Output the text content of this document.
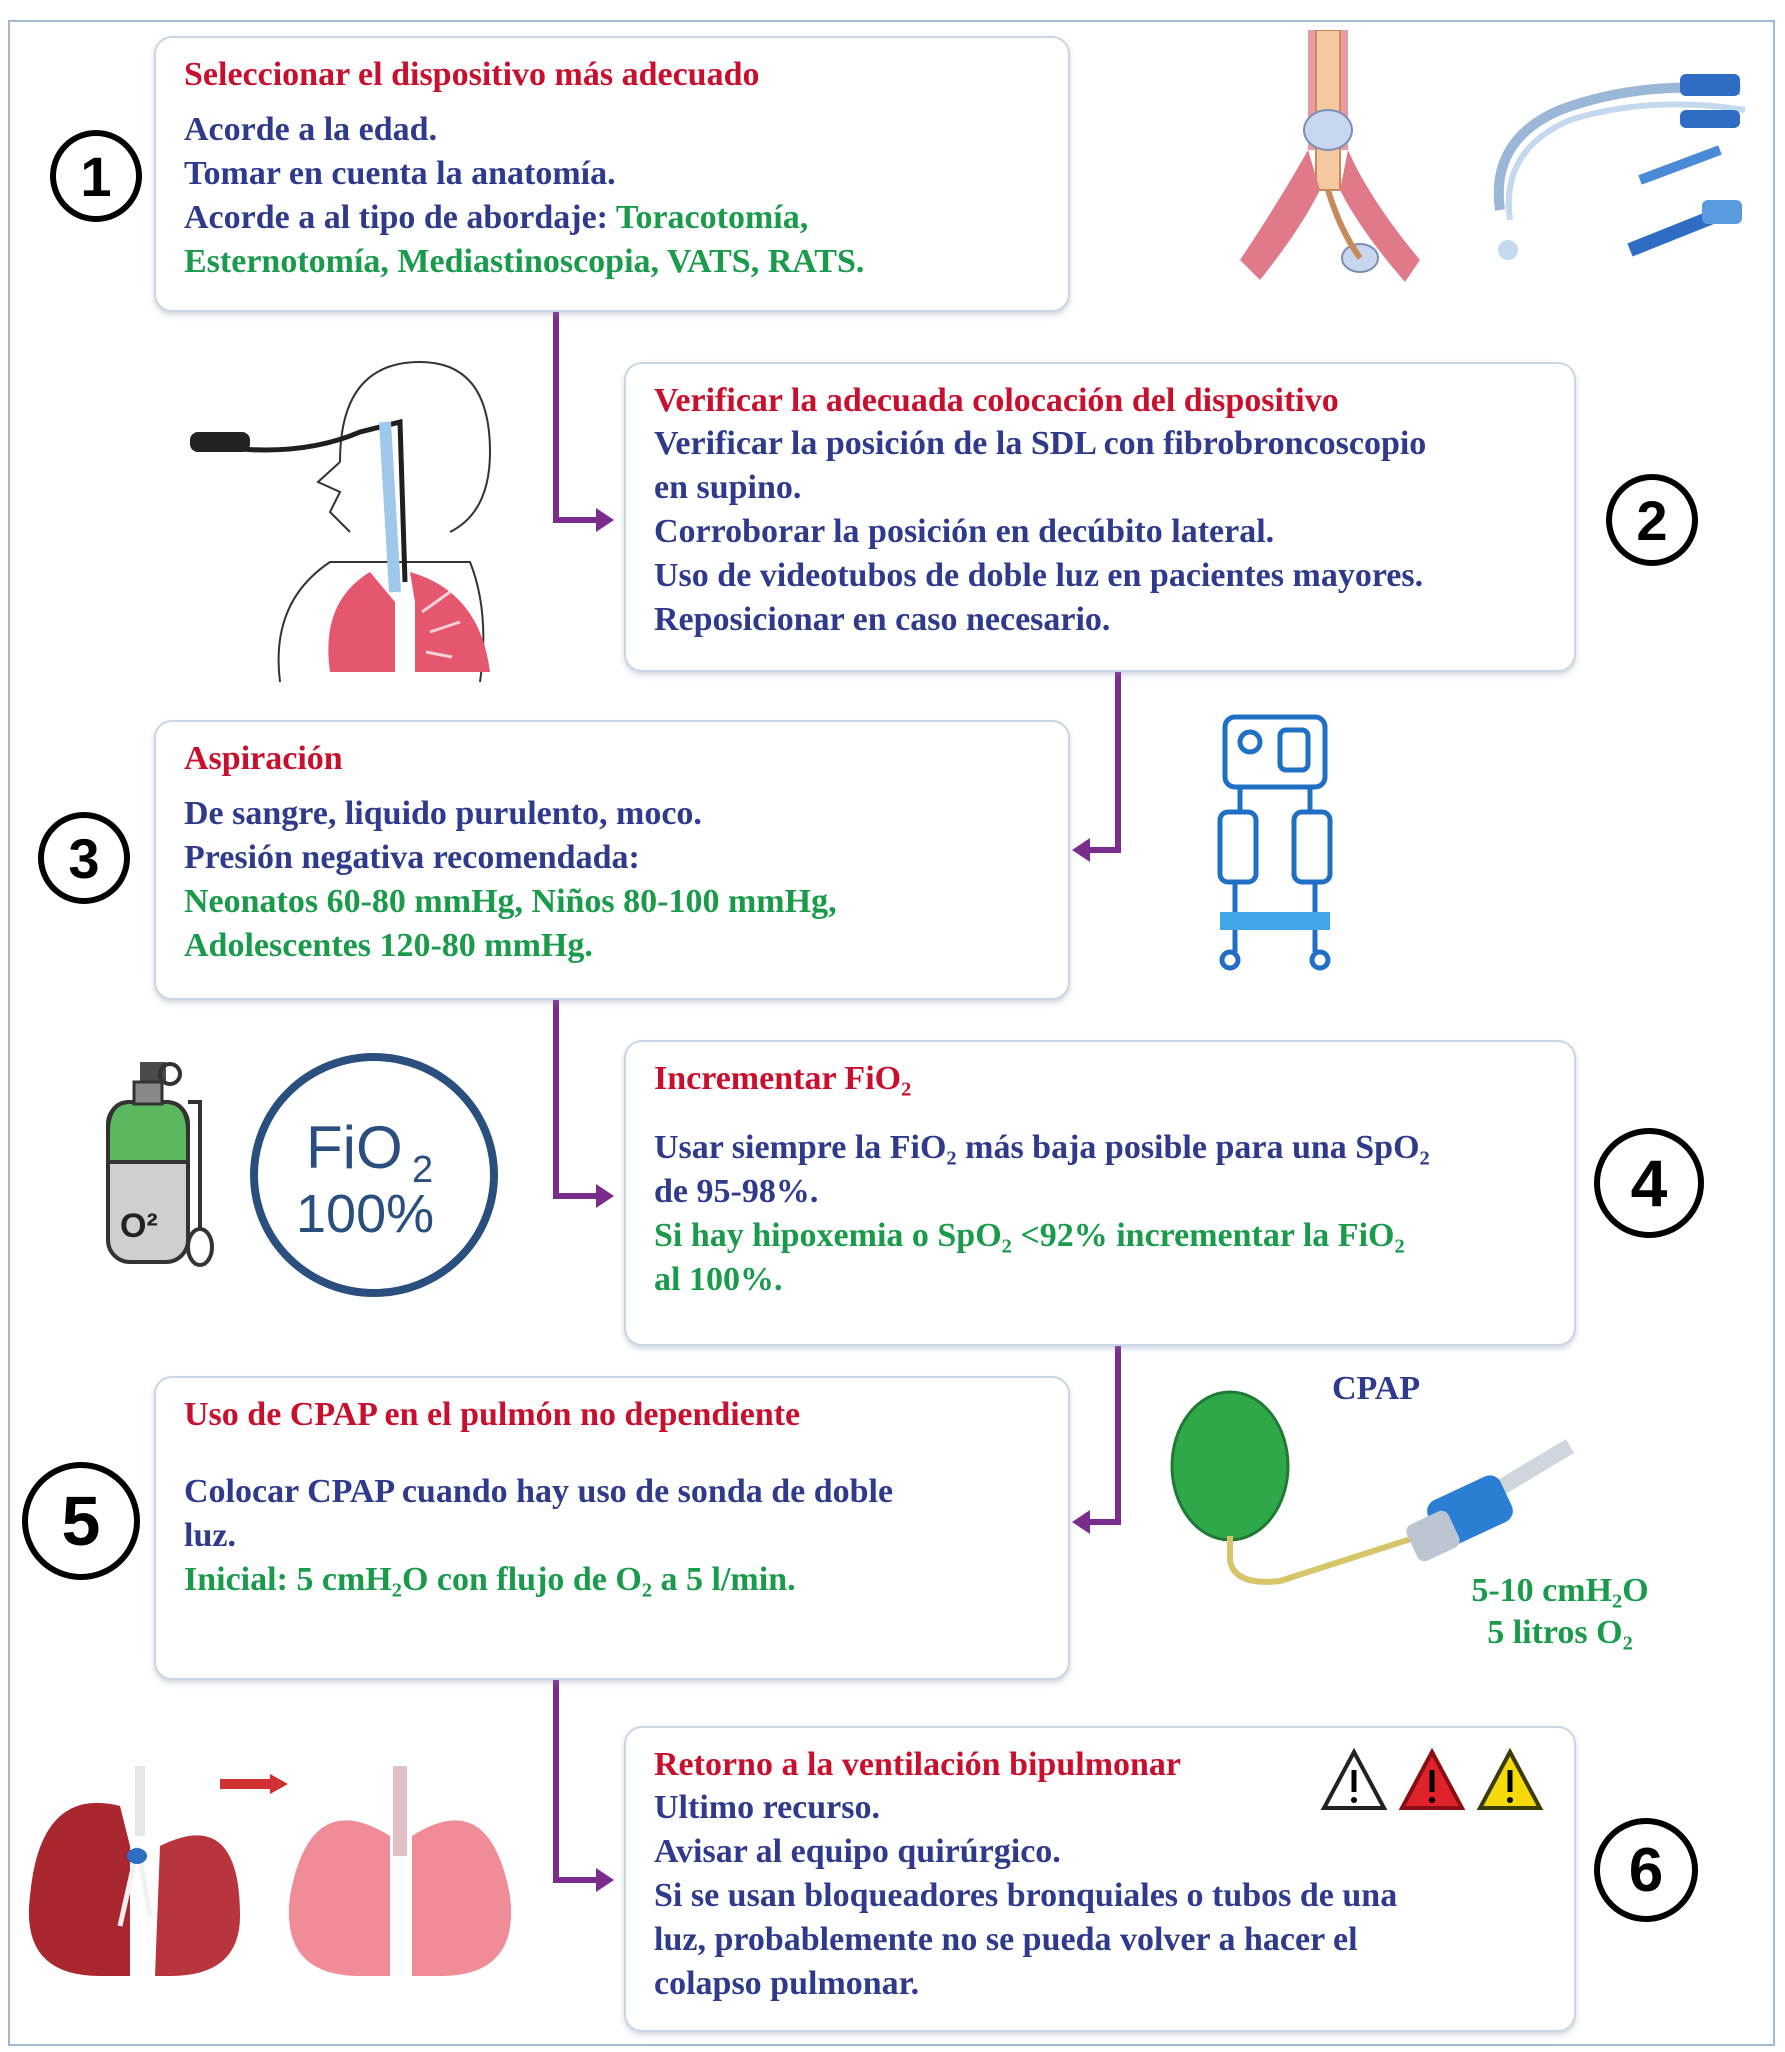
Seleccionar el dispositivo más adecuado
Acorde a la edad.
Tomar en cuenta la anatomía.
Acorde a al tipo de abordaje: Toracotomía,
Esternotomía, Mediastinoscopia, VATS, RATS.
1
Verificar la adecuada colocación del dispositivo
Verificar la posición de la SDL con fibrobroncoscopio
en supino.
Corroborar la posición en decúbito lateral.
Uso de videotubos de doble luz en pacientes mayores.
Reposicionar en caso necesario.
2
Aspiración
De sangre, liquido purulento, moco.
Presión negativa recomendada:
Neonatos 60-80 mmHg, Niños 80-100 mmHg,
Adolescentes 120-80 mmHg.
3
Incrementar FiO₂
Usar siempre la FiO₂ más baja posible para una SpO₂
de 95-98%.
Si hay hipoxemia o SpO₂ <92% incrementar la FiO₂
al 100%.
4
Uso de CPAP en el pulmón no dependiente
Colocar CPAP cuando hay uso de sonda de doble
luz.
Inicial: 5 cmH₂O con flujo de O₂ a 5 l/min.
5
Retorno a la ventilación bipulmonar
Ultimo recurso.
Avisar al equipo quirúrgico.
Si se usan bloqueadores bronquiales o tubos de una
luz, probablemente no se pueda volver a hacer el
colapso pulmonar.
6
O²
FiO 2
100%
CPAP
5-10 cmH₂O
5 litros O₂
